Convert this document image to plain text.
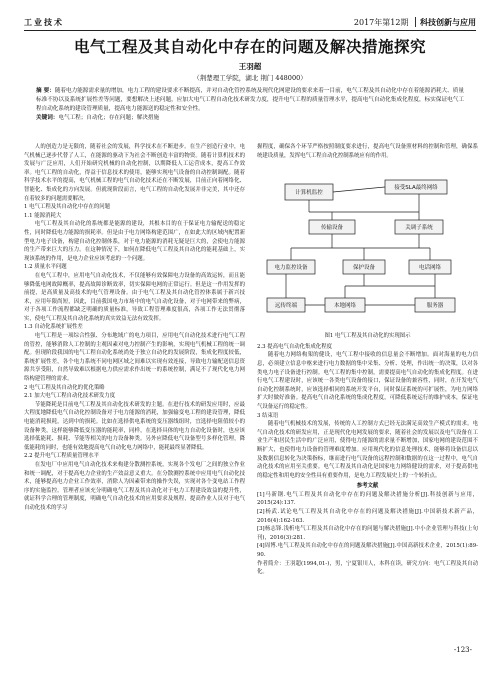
工业技术	2017年第12期 科技创新与应用
电气工程及其自动化中存在的问题及解决措施探究
王羽超
（荆楚理工学院，湖北 荆门 448000）
摘 要：随着电力能源需求量的增加，电力工程的建设要求不断提高，并对自动化管控系统及现代化网建设的要求来着一目前，电气工程及其自动化中存在着能源消耗大、质量标准不协以及系统扩展性差等问题，要想解决上述问题，应加大电气工程自动化技术研发力度，提升电气工程的质量管理水平，提高电气自动化集成化程度，标实保证电气工程自动化系统的建设管理质量，提高电力能源送的稳定性和安全性。
关键词：电气工程；自动化；存在问题；解决措施

人的创造力是无限的，随着社会的发展，科学技术在不断进步。在生产创造行业中，电气机械已逐步代替了人工，在能源的驱动下为社会不断创造丰富的物资。随着计算机技术的发展与广泛应用，人们开始研究机械的自动化控制，以期降低人工运营成本，提高工作效率。电气工程的自动化，得益于信息技术的使用，能够实现电气设备的自动控制调配。随着科学技术水平的提高，电气机械工程的电气自动化技术还在不断发展，目前正向着网络化、智能化、集成化的方向发展。但就现阶段而言，电气工程的自动化发展并非完美，其中还存在着较多的问题需要解决。

1 电气工程及其自动化中存在的问题

1.1 能源消耗大

电气工程及其自动化的系统都是能源的建设，其根本目的在于保证电力输配送的稳定性，同时降低电力能源的损耗率。但是由于电力网络构建范围广，在如此大的区域内配置新型电力电子设备，构建自动化控制体系，对于电力能源的消耗无疑是巨大的，会使电力能源的生产带来巨大的压力。在这种情况下，如何在降低电气工程及其自动化的能耗基础上，实现该系统的作用，是电力企业应该考虑的一个问题。

1.2 质量水平问题

在电气工程中，应用电气自动化技术，不仅能够有效保障电力设备的高效运转，而且能够降低电网故障概率，提高故障诊断效率，切实保障电网的正常运行。但是这一作用发挥的前提，是高质量及高技术的电气管理设备。由于电气工程及其自动化管控体系属于新兴技术，应用年限尚短，因此，目前我国电力市场中的电气自动化设备，对于电网带来的弊病，对于各项工作流程都缺乏明确的质量标准，导致工程管理难度很高，各项工作无法贯彻落实，使电气工程及其自动化系统的真实效益无法有效发挥。

1.3 自动化系统扩展性差

电气工程是一项综合性强、分布地域广的电力项目，应用电气自动化技术进行电气工程的管控，能够消除人工控制的主观因素对电力控制产生的影响，实现电气机械工程的统一调配。但现阶段我国的电气工程自动化系统尚处于独立自动化的发展阶段，集成化程度较低，系统扩展性差，各个电力系统不同电网区域之间难以实现有效连接，导致电力输配送信息资源共享受阻，自然导致难以根据电力供应需求作出统一的系统控制，满足不了现代化电力网络构建管理的需求。

2 电气工程及其自动化的优化策略

2.1 加大电气工程自动化技术研发力度

节能降耗是目前电气工程及其自动化技术研发的主题。在进行技术的研发应用时，应最大程度地降低电气自动化控制设备对于电力能源的消耗，加强输变电工程的建设管理，降低电能消耗损耗，达到中的损耗。比如在选择供电系统的变压器线组时，宜选择电阻值较小的设备种类，这样能够降低变压器的能耗率，同样，在选择具体的电力自动化设备时，也应该选择低能耗、损耗、节能等相关的电力设备种类。另外应降低电气设备型号多样化管理，降低能耗的同时，也能有效地提高电气自动化电力网络中，能耗最终显著降低。

2.2 提升电气工程质量管理水平

在发电厂中应用电气自动化技术来构建分散测控系统，实现各个发电厂之间的独立作业和统一调配，对于提高电力企业的生产效益意义重大。在分散测控系统中应用电气自动化技术，能够提高电力企业工作效率，消除人为因素带来的操作失误，实现对各个变电站工作程序的实施监控。管理者应该充分明确电气工程及其自动化对于电力工程建设效益的提升性，就证科学合理的管理制度，明确电气自动化技术的应用要求及规程，提高作业人员对于电气自动化技术的学习

握程度，确保各个环节严格按照制度要求进行，提高电气设备照材料的控制和管理，确保系统建设质量，发挥电气工程自动化控制系统应有的作用。

计算机监控
接受SLA最终网络
传输设备	关调子系统
电力监控设备	保护设备	电话网络
远传终端	本地网络	服务器
图1 电气工程及其自动化的实现图示

2.3 提高电气自动化集成化程度

随着电力网络构架的健设，电气工程中接收的信息量会不断增加。面对海量的电力信息，必须建立信息中枢来进行电力数据的集中采集、分析、处理，作出统一的决策，以对各类电力电子设备进行控制。电气工程的集中控制，需要提高电气自动化的集成化程度。在进行电气工程建设时，应该统一各类电气设备的接口，保证设备的兼容性，同时，在开发电气自动化控制系统时，应该选择相同的系统开发平台，同时保证系统的可扩展性，为电力网络扩大时做好准备。提高电气自动化系统的集成化程度，可降低系统运行的维护成本，保证电气设备运行的稳定性。

3 结束语

随着电气机械技术的发展，传统的人工控制方式已经无法满足高效生产模式的需求。电气自动化技术的研发应用，正是现代化电网发展的要求，随着社会的发展以及电气设备在工业生产和居民生活中的广泛应用，使得电力能源的需求量不断增加，国家电网的建设范围不断扩大，也使得电力设备的管理难度增加。应用现代化的信息处理技术，能够将设备信息以及数据信息转化为决策指标，继而进行电气设备的远程控制和数据的在这一过程中，电气自动化技术的应用至关重要。电气工程及其自动化是国家电力网络健设的需求，对于提高供电的稳定性和用电的安全性具有重要作用，是电力工程发展史上的一个转折点。

参考文献
[1]马新钢.电气工程及其自动化中存在的问题及解决措施分析[J].科技创新与应用，2015(24):137.
[2]杨武.试论电气工程及其自动化中存在的问题及解决措施[J].中国新技术新产品，2016(4):162-163.
[3]杨志锋.浅析电气工程及其自动化中存在的问题与解决措施[J].中小企业管理与科技(上旬刊)，2016(3):281.
[4]周博.电气工程及其自动化中存在的问题及解决措施[J].中国高新技术企业，2015(1):89-90.
作者简介：王羽超(1994,01-)，男，宁夏银川人，本科在读，研究方向：电气工程及其自动化。
-123-
